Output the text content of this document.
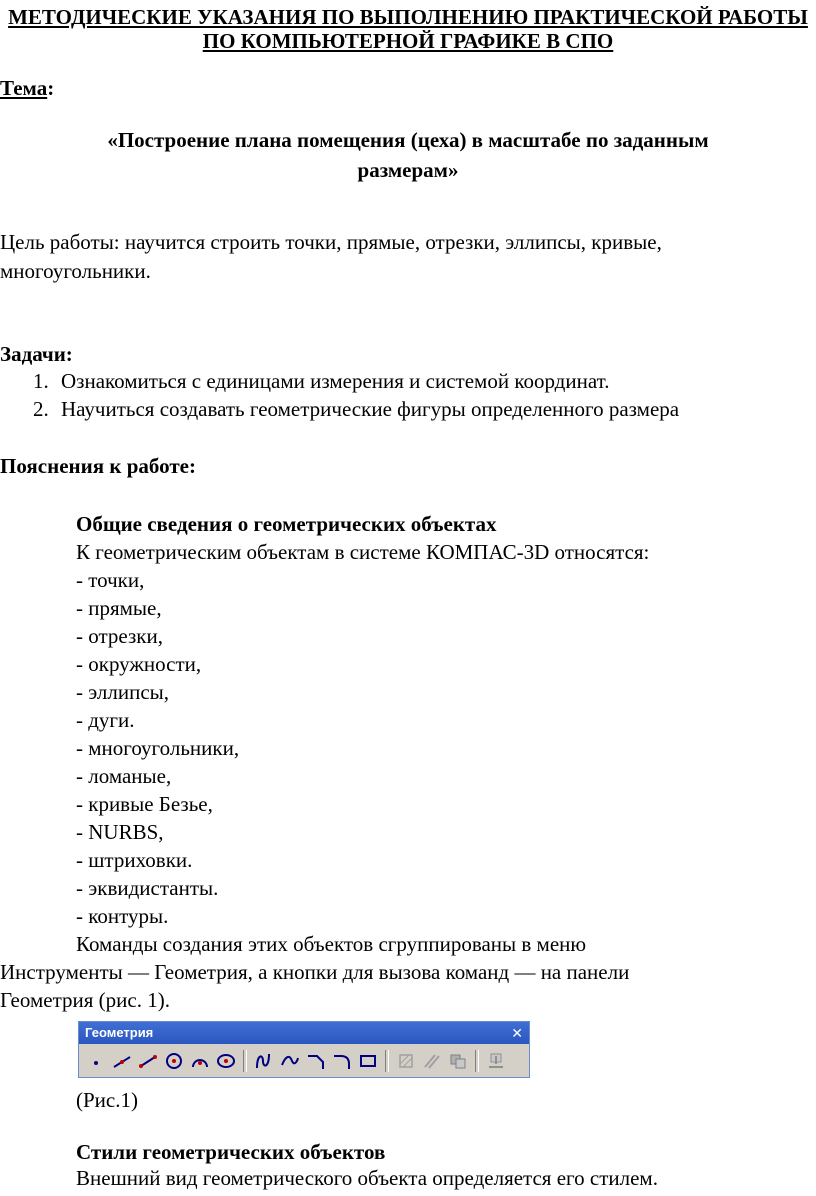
МЕТОДИЧЕСКИЕ УКАЗАНИЯ ПО ВЫПОЛНЕНИЮ ПРАКТИЧЕСКОЙ РАБОТЫ
ПО КОМПЬЮТЕРНОЙ ГРАФИКЕ В СПО
Тема:
«Построение плана помещения (цеха) в масштабе по заданным
размерам»
Цель работы: научится строить точки, прямые, отрезки, эллипсы, кривые,
многоугольники.
Задачи:
1. Ознакомиться с единицами измерения и системой координат.
2. Научиться создавать геометрические фигуры определенного размера
Пояснения к работе:
Общие сведения о геометрических объектах
К геометрическим объектам в системе КОМПАС-3D относятся:
- точки,
- прямые,
- отрезки,
- окружности,
- эллипсы,
- дуги.
- многоугольники,
- ломаные,
- кривые Безье,
- NURBS,
- штриховки.
- эквидистанты.
- контуры.
Команды создания этих объектов сгруппированы в меню
Инструменты — Геометрия, а кнопки для вызова команд — на панели
Геометрия (рис. 1).
Геометрия	✕
(Рис.1)
Стили геометрических объектов
Внешний вид геометрического объекта определяется его стилем.
